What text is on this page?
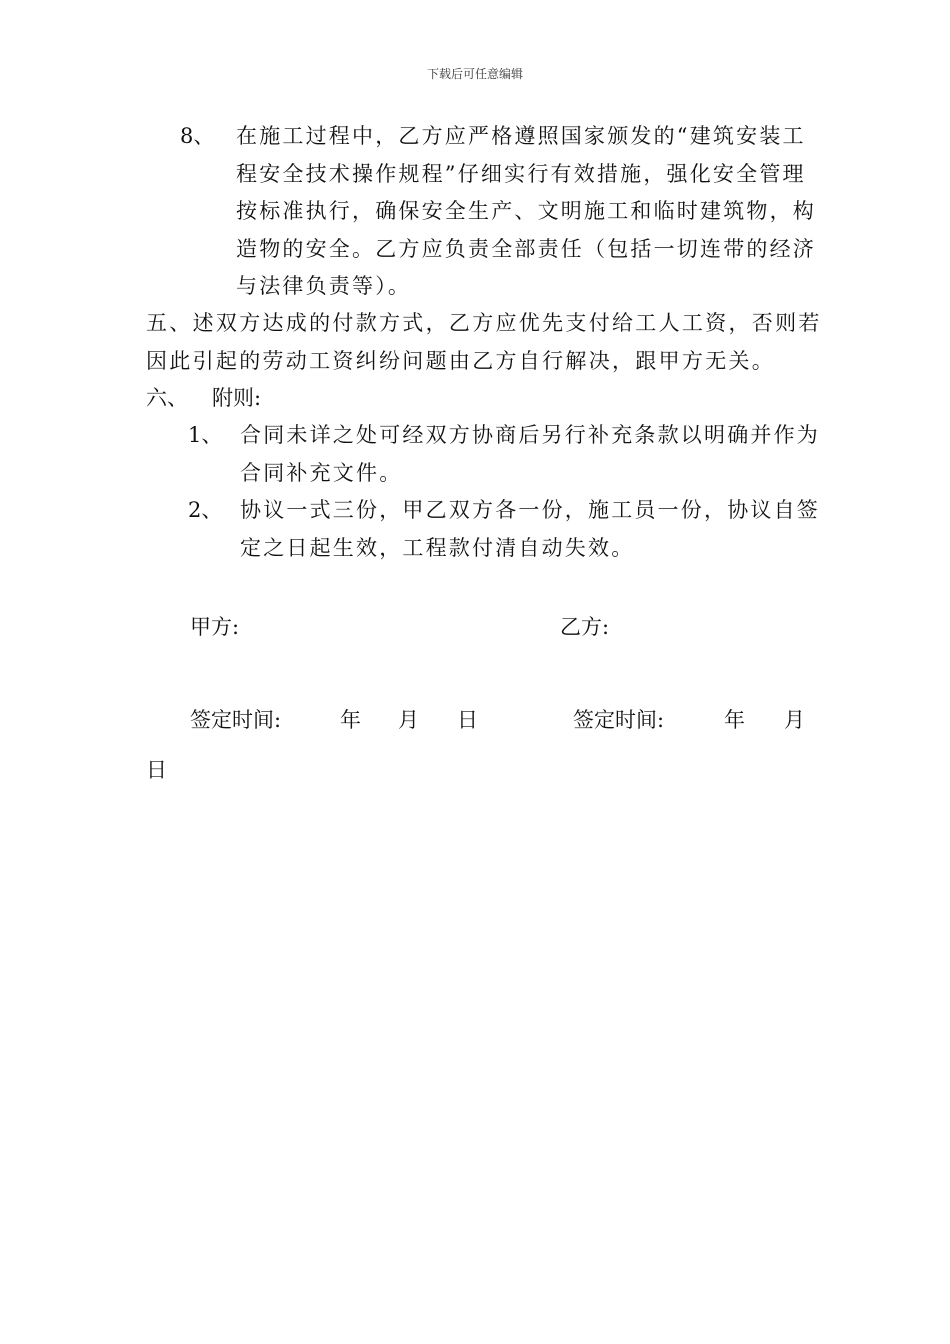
下载后可任意编辑
8、 在施工过程中，乙方应严格遵照国家颁发的“建筑安装工
程安全技术操作规程”仔细实行有效措施，强化安全管理
按标准执行，确保安全生产、文明施工和临时建筑物，构
造物的安全。乙方应负责全部责任（包括一切连带的经济
与法律负责等）。
五、述双方达成的付款方式，乙方应优先支付给工人工资，否则若
因此引起的劳动工资纠纷问题由乙方自行解决，跟甲方无关。
六、 附则:
1、 合同未详之处可经双方协商后另行补充条款以明确并作为
合同补充文件。
2、 协议一式三份，甲乙双方各一份，施工员一份，协议自签
定之日起生效，工程款付清自动失效。
甲方:	乙方:
签定时间:	年 月 日	签定时间:	年 月
日
